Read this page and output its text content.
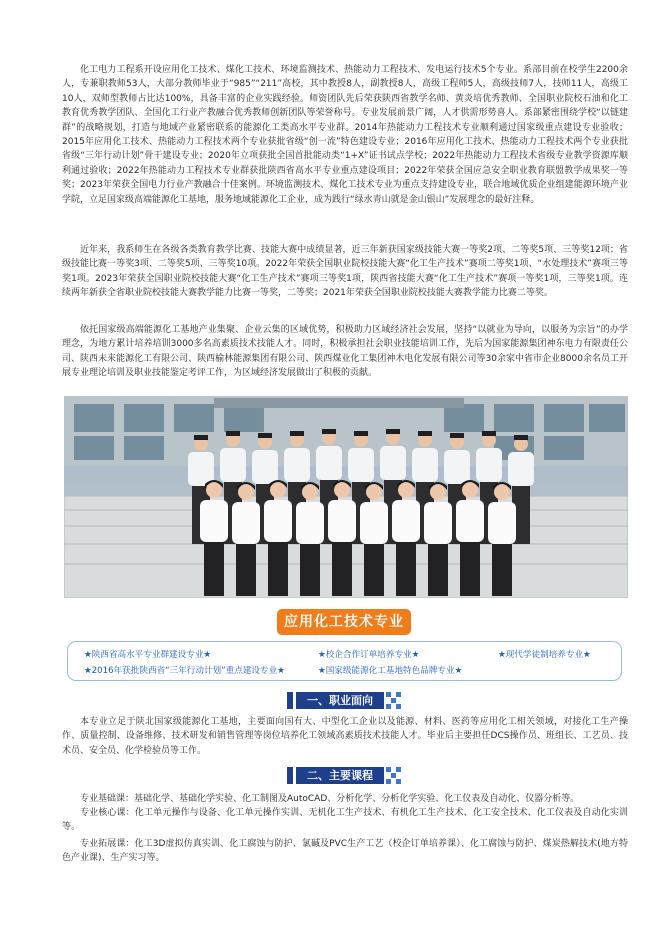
化工电力工程系开设应用化工技术、煤化工技术、环境监测技术、热能动力工程技术、发电运行技术5个专业。系部目前在校学生2200余人，专兼职教师53人，大部分教师毕业于“985”“211”高校，其中教授8人，副教授8人，高级工程师5人，高级技师7人，技师11人，高级工10人，双师型教师占比达100%，具备丰富的企业实践经验。师资团队先后荣获陕西省教学名师、黄炎培优秀教师、全国职业院校石油和化工教育优秀教学团队、全国化工行业产教融合优秀教师创新团队等荣誉称号。专业发展前景广阔，人才供需形势喜人。系部紧密围绕学校“以链建群”的战略规划，打造与地域产业紧密联系的能源化工类高水平专业群。2014年热能动力工程技术专业顺利通过国家级重点建设专业验收；2015年应用化工技术、热能动力工程技术两个专业获批省级“创一流”特色建设专业；2016年应用化工技术、热能动力工程技术两个专业获批省级“三年行动计划”骨干建设专业；2020年立项获批全国首批能动类“1+X”证书试点学校；2022年热能动力工程技术省级专业教学资源库顺利通过验收；2022年热能动力工程技术专业群获批陕西省高水平专业重点建设项目；2022年荣获全国应急安全职业教育联盟教学成果奖一等奖；2023年荣获全国电力行业产教融合十佳案例。环境监测技术、煤化工技术专业为重点支持建设专业，联合地域优质企业组建能源环境产业学院，立足国家级高端能源化工基地，服务地域能源化工企业，成为践行“绿水青山就是金山银山”发展理念的最好注释。

近年来，我系师生在各级各类教育教学比赛、技能大赛中成绩显著，近三年新获国家级技能大赛一等奖2项、二等奖5项、三等奖12项；省级技能比赛一等奖3项、二等奖5项、三等奖10项。2022年荣获全国职业院校技能大赛“化工生产技术”赛项二等奖1项、“水处理技术”赛项三等奖1项。2023年荣获全国职业院校技能大赛“化工生产技术”赛项三等奖1项，陕西省技能大赛“化工生产技术”赛项一等奖1项，三等奖1项。连续两年新获全省职业院校技能大赛教学能力比赛一等奖，二等奖；2021年荣获全国职业院校技能大赛教学能力比赛二等奖。

依托国家级高端能源化工基地产业集聚、企业云集的区域优势，积极助力区域经济社会发展，坚持“以就业为导向，以服务为宗旨”的办学理念，为地方累计培养培训3000多名高素质技术技能人才。同时，积极承担社会职业技能培训工作，先后为国家能源集团神东电力有限责任公司、陕西未来能源化工有限公司、陕西榆林能源集团有限公司、陕西煤业化工集团神木电化发展有限公司等30余家中省市企业8000余名员工开展专业理论培训及职业技能鉴定考评工作，为区域经济发展做出了积极的贡献。

应用化工技术专业
★陕西省高水平专业群建设专业★	★校企合作订单培养专业★	★现代学徒制培养专业★
★2016年获批陕西省“三年行动计划”重点建设专业★	★国家级能源化工基地特色品牌专业★
一、职业面向

本专业立足于陕北国家级能源化工基地，主要面向国有大、中型化工企业以及能源、材料、医药等应用化工相关领域，对接化工生产操作、质量控制、设备维修、技术研发和销售管理等岗位培养化工领域高素质技术技能人才。毕业后主要担任DCS操作员、班组长、工艺员、技术员、安全员、化学检验员等工作。

二、主要课程

专业基础课：基础化学、基础化学实验、化工制图及AutoCAD、分析化学、分析化学实验、化工仪表及自动化、仪器分析等。

专业核心课：化工单元操作与设备、化工单元操作实训、无机化工生产技术、有机化工生产技术、化工安全技术、化工仪表及自动化实训等。

专业拓展课：化工3D虚拟仿真实训、化工腐蚀与防护、氯碱及PVC生产工艺（校企订单培养课）、化工腐蚀与防护、煤炭热解技术(地方特色产业课)、生产实习等。
